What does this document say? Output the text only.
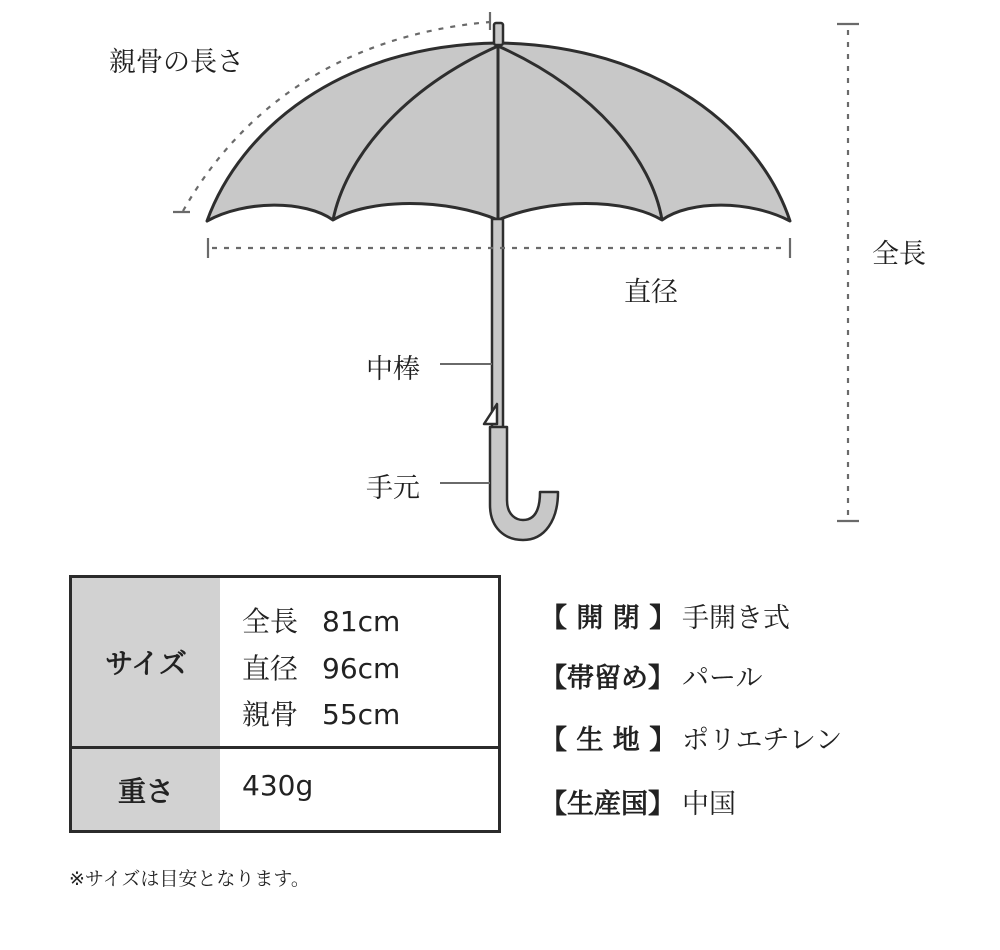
親骨の長さ
全長
直径
中棒
手元
サイズ
全長 81cm
直径 96cm
親骨 55cm
重さ	430g
【 開 閉 】 手開き式
【帯留め】 パール
【 生 地 】 ポリエチレン
【生産国】 中国
※サイズは目安となります。
